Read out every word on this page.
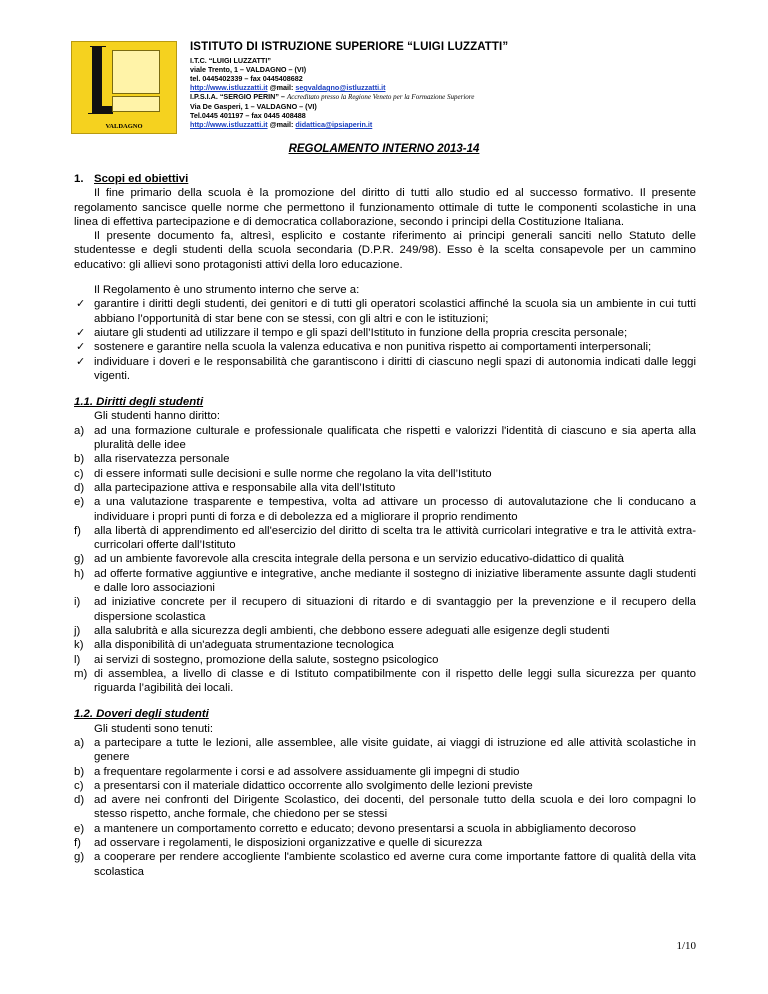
VALDAGNO
ISTITUTO DI ISTRUZIONE SUPERIORE “LUIGI LUZZATTI”
I.T.C. “LUIGI LUZZATTI”
viale Trento, 1 – VALDAGNO – (VI)
tel. 0445402339 – fax 0445408682
http://www.istluzzatti.it @mail: segvaldagno@istluzzatti.it
I.P.S.I.A. “SERGIO PERIN” – Accreditato presso la Regione Veneto per la Formazione Superiore
Via De Gasperi, 1 – VALDAGNO – (VI)
Tel.0445 401197 – fax 0445 408488
http://www.istluzzatti.it @mail: didattica@ipsiaperin.it
REGOLAMENTO INTERNO 2013-14

1. Scopi ed obiettivi

Il fine primario della scuola è la promozione del diritto di tutti allo studio ed al successo formativo. Il presente regolamento sancisce quelle norme che permettono il funzionamento ottimale di tutte le componenti scolastiche in una linea di effettiva partecipazione e di democratica collaborazione, secondo i principi della Costituzione Italiana.

Il presente documento fa, altresì, esplicito e costante riferimento ai principi generali sanciti nello Statuto delle studentesse e degli studenti della scuola secondaria (D.P.R. 249/98). Esso è la scelta consapevole per un cammino educativo: gli allievi sono protagonisti attivi della loro educazione.

Il Regolamento è uno strumento interno che serve a:

✓ garantire i diritti degli studenti, dei genitori e di tutti gli operatori scolastici affinché la scuola sia un ambiente in cui tutti abbiano l’opportunità di star bene con se stessi, con gli altri e con le istituzioni;
✓ aiutare gli studenti ad utilizzare il tempo e gli spazi dell’Istituto in funzione della propria crescita personale;
✓ sostenere e garantire nella scuola la valenza educativa e non punitiva rispetto ai comportamenti interpersonali;
✓ individuare i doveri e le responsabilità che garantiscono i diritti di ciascuno negli spazi di autonomia indicati dalle leggi vigenti.

1.1. Diritti degli studenti

Gli studenti hanno diritto:

a) ad una formazione culturale e professionale qualificata che rispetti e valorizzi l'identità di ciascuno e sia aperta alla pluralità delle idee
b) alla riservatezza personale
c) di essere informati sulle decisioni e sulle norme che regolano la vita dell’Istituto
d) alla partecipazione attiva e responsabile alla vita dell’Istituto
e) a una valutazione trasparente e tempestiva, volta ad attivare un processo di autovalutazione che li conducano a individuare i propri punti di forza e di debolezza ed a migliorare il proprio rendimento
f) alla libertà di apprendimento ed all'esercizio del diritto di scelta tra le attività curricolari integrative e tra le attività extra-curricolari offerte dall’Istituto
g) ad un ambiente favorevole alla crescita integrale della persona e un servizio educativo-didattico di qualità
h) ad offerte formative aggiuntive e integrative, anche mediante il sostegno di iniziative liberamente assunte dagli studenti e dalle loro associazioni
i) ad iniziative concrete per il recupero di situazioni di ritardo e di svantaggio per la prevenzione e il recupero della dispersione scolastica
j) alla salubrità e alla sicurezza degli ambienti, che debbono essere adeguati alle esigenze degli studenti
k) alla disponibilità di un'adeguata strumentazione tecnologica
l) ai servizi di sostegno, promozione della salute, sostegno psicologico
m) di assemblea, a livello di classe e di Istituto compatibilmente con il rispetto delle leggi sulla sicurezza per quanto riguarda l’agibilità dei locali.

1.2. Doveri degli studenti

Gli studenti sono tenuti:

a) a partecipare a tutte le lezioni, alle assemblee, alle visite guidate, ai viaggi di istruzione ed alle attività scolastiche in genere
b) a frequentare regolarmente i corsi e ad assolvere assiduamente gli impegni di studio
c) a presentarsi con il materiale didattico occorrente allo svolgimento delle lezioni previste
d) ad avere nei confronti del Dirigente Scolastico, dei docenti, del personale tutto della scuola e dei loro compagni lo stesso rispetto, anche formale, che chiedono per se stessi
e) a mantenere un comportamento corretto e educato; devono presentarsi a scuola in abbigliamento decoroso
f) ad osservare i regolamenti, le disposizioni organizzative e quelle di sicurezza
g) a cooperare per rendere accogliente l'ambiente scolastico ed averne cura come importante fattore di qualità della vita scolastica
1/10
